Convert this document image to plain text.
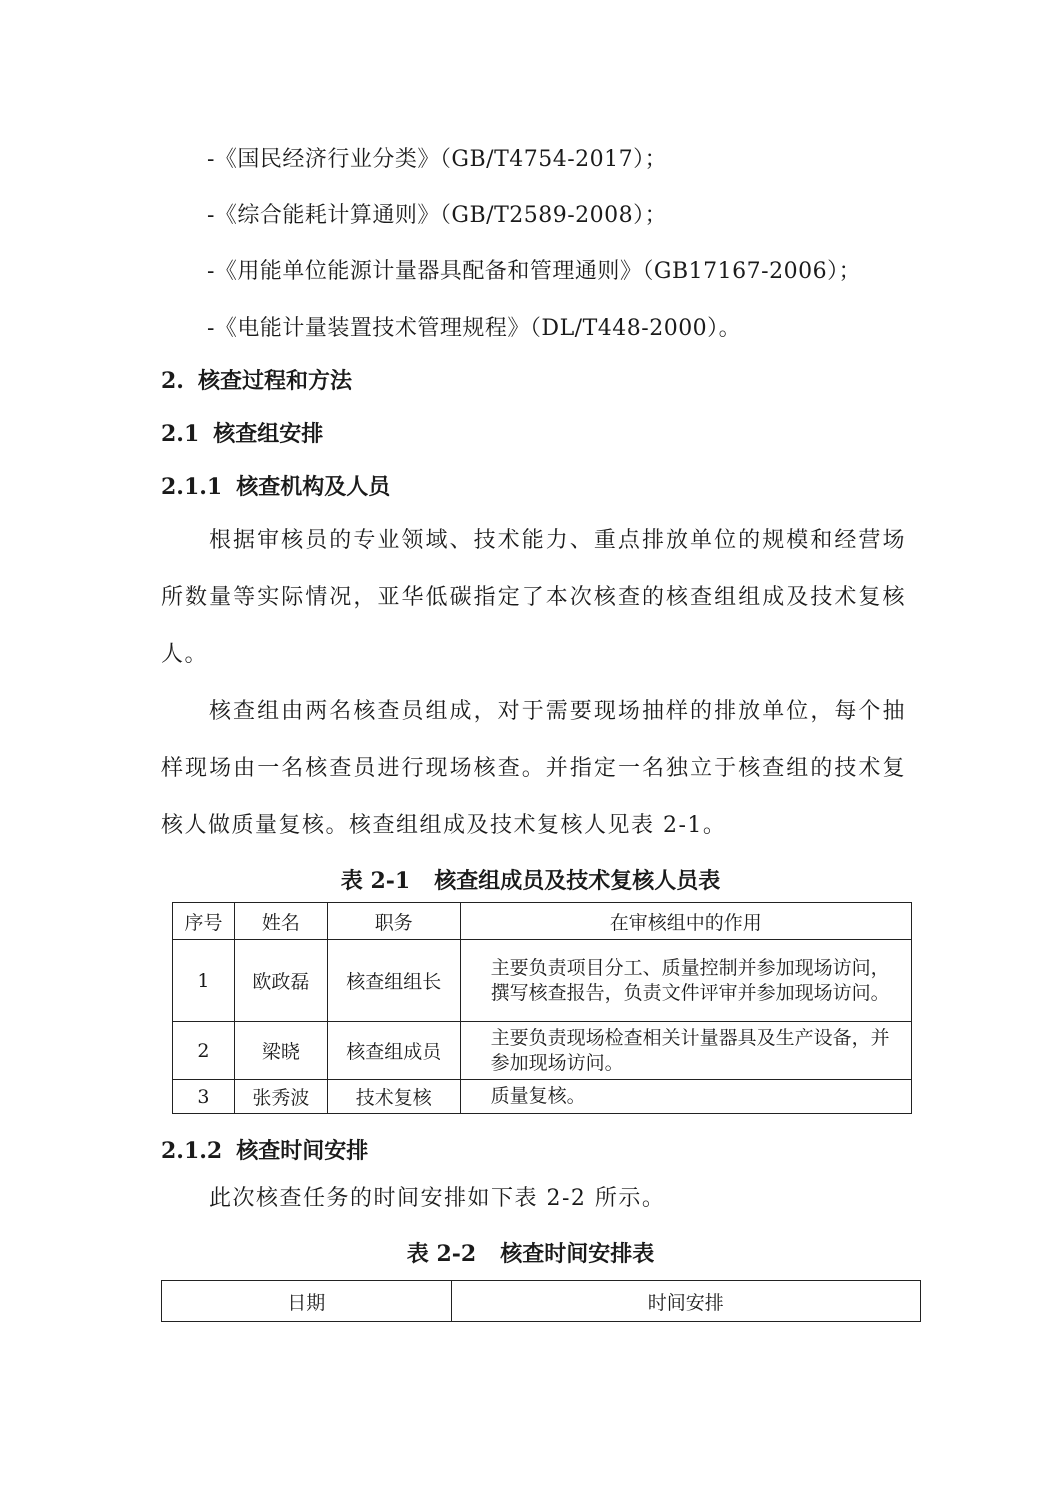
-《国民经济行业分类》（GB/T4754-2017）；
-《综合能耗计算通则》（GB/T2589-2008）；
-《用能单位能源计量器具配备和管理通则》（GB17167-2006）；
-《电能计量装置技术管理规程》（DL/T448-2000）。
2. 核查过程和方法
2.1 核查组安排
2.1.1 核查机构及人员
根据审核员的专业领域、技术能力、重点排放单位的规模和经营场所数量等实际情况，亚华低碳指定了本次核查的核查组组成及技术复核人。
核查组由两名核查员组成，对于需要现场抽样的排放单位，每个抽样现场由一名核查员进行现场核查。并指定一名独立于核查组的技术复核人做质量复核。核查组组成及技术复核人见表 2-1。
表 2-1 核查组成员及技术复核人员表
序号	姓名	职务	在审核组中的作用
1	欧政磊	核查组组长	主要负责项目分工、质量控制并参加现场访问，撰写核查报告，负责文件评审并参加现场访问。
2	梁晓	核查组成员	主要负责现场检查相关计量器具及生产设备，并参加现场访问。
3	张秀波	技术复核	质量复核。
2.1.2 核查时间安排
此次核查任务的时间安排如下表 2-2 所示。
表 2-2 核查时间安排表
日期	时间安排
